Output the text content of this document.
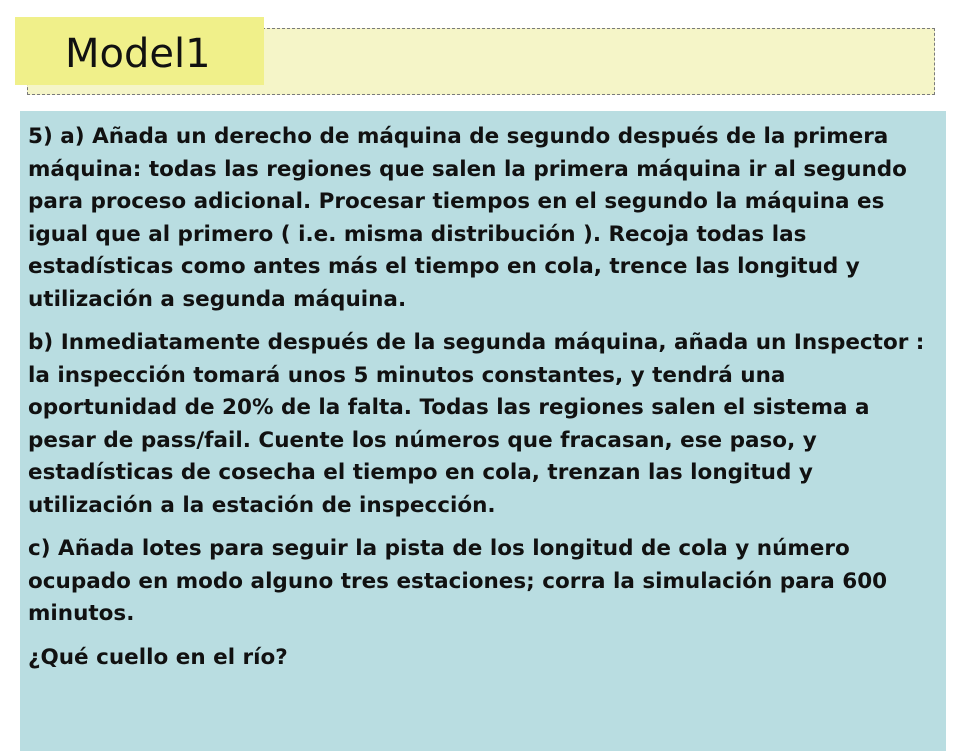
Model1

5) a) Añada un derecho de máquina de segundo después de la primera máquina: todas las regiones que salen la primera máquina ir al segundo para proceso adicional. Procesar tiempos en el segundo la máquina es igual que al primero ( i.e. misma distribución ). Recoja todas las estadísticas como antes más el tiempo en cola, trence las longitud y utilización a segunda máquina.

b) Inmediatamente después de la segunda máquina, añada un Inspector : la inspección tomará unos 5 minutos constantes, y tendrá una oportunidad de 20% de la falta. Todas las regiones salen el sistema a pesar de pass/fail. Cuente los números que fracasan, ese paso, y estadísticas de cosecha el tiempo en cola, trenzan las longitud y utilización a la estación de inspección.

c) Añada lotes para seguir la pista de los longitud de cola y número ocupado en modo alguno tres estaciones; corra la simulación para 600 minutos.

¿Qué cuello en el río?
